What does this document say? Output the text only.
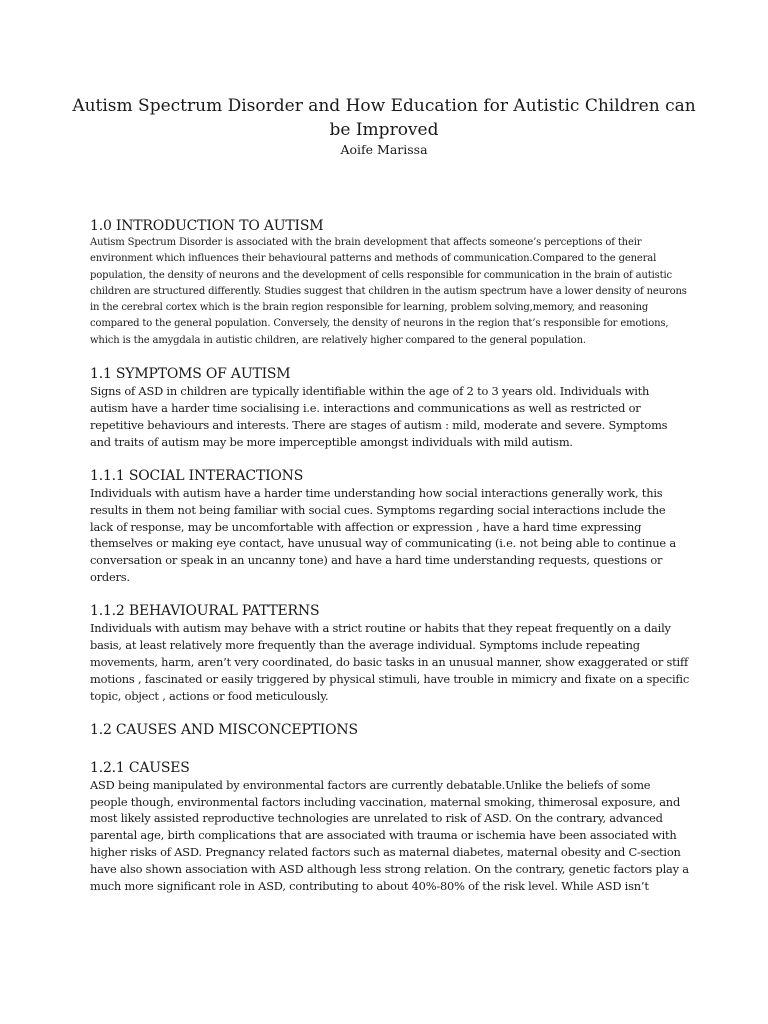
Autism Spectrum Disorder and How Education for Autistic Children can be Improved

Aoife Marissa

1.0 INTRODUCTION TO AUTISM

Autism Spectrum Disorder is associated with the brain development that affects someone’s perceptions of their environment which influences their behavioural patterns and methods of communication.Compared to the general population, the density of neurons and the development of cells responsible for communication in the brain of autistic children are structured differently. Studies suggest that children in the autism spectrum have a lower density of neurons in the cerebral cortex which is the brain region responsible for learning, problem solving,memory, and reasoning compared to the general population. Conversely, the density of neurons in the region that’s responsible for emotions, which is the amygdala in autistic children, are relatively higher compared to the general population.

1.1 SYMPTOMS OF AUTISM

Signs of ASD in children are typically identifiable within the age of 2 to 3 years old. Individuals with autism have a harder time socialising i.e. interactions and communications as well as restricted or repetitive behaviours and interests. There are stages of autism : mild, moderate and severe. Symptoms and traits of autism may be more imperceptible amongst individuals with mild autism.

1.1.1 SOCIAL INTERACTIONS

Individuals with autism have a harder time understanding how social interactions generally work, this results in them not being familiar with social cues. Symptoms regarding social interactions include the lack of response, may be uncomfortable with affection or expression , have a hard time expressing themselves or making eye contact, have unusual way of communicating (i.e. not being able to continue a conversation or speak in an uncanny tone) and have a hard time understanding requests, questions or orders.

1.1.2 BEHAVIOURAL PATTERNS

Individuals with autism may behave with a strict routine or habits that they repeat frequently on a daily basis, at least relatively more frequently than the average individual. Symptoms include repeating movements, harm, aren’t very coordinated, do basic tasks in an unusual manner, show exaggerated or stiff motions , fascinated or easily triggered by physical stimuli, have trouble in mimicry and fixate on a specific topic, object , actions or food meticulously.

1.2 CAUSES AND MISCONCEPTIONS
1.2.1 CAUSES

ASD being manipulated by environmental factors are currently debatable.Unlike the beliefs of some people though, environmental factors including vaccination, maternal smoking, thimerosal exposure, and most likely assisted reproductive technologies are unrelated to risk of ASD. On the contrary, advanced parental age, birth complications that are associated with trauma or ischemia have been associated with higher risks of ASD. Pregnancy related factors such as maternal diabetes, maternal obesity and C-section have also shown association with ASD although less strong relation. On the contrary, genetic factors play a much more significant role in ASD, contributing to about 40%-80% of the risk level. While ASD isn’t
